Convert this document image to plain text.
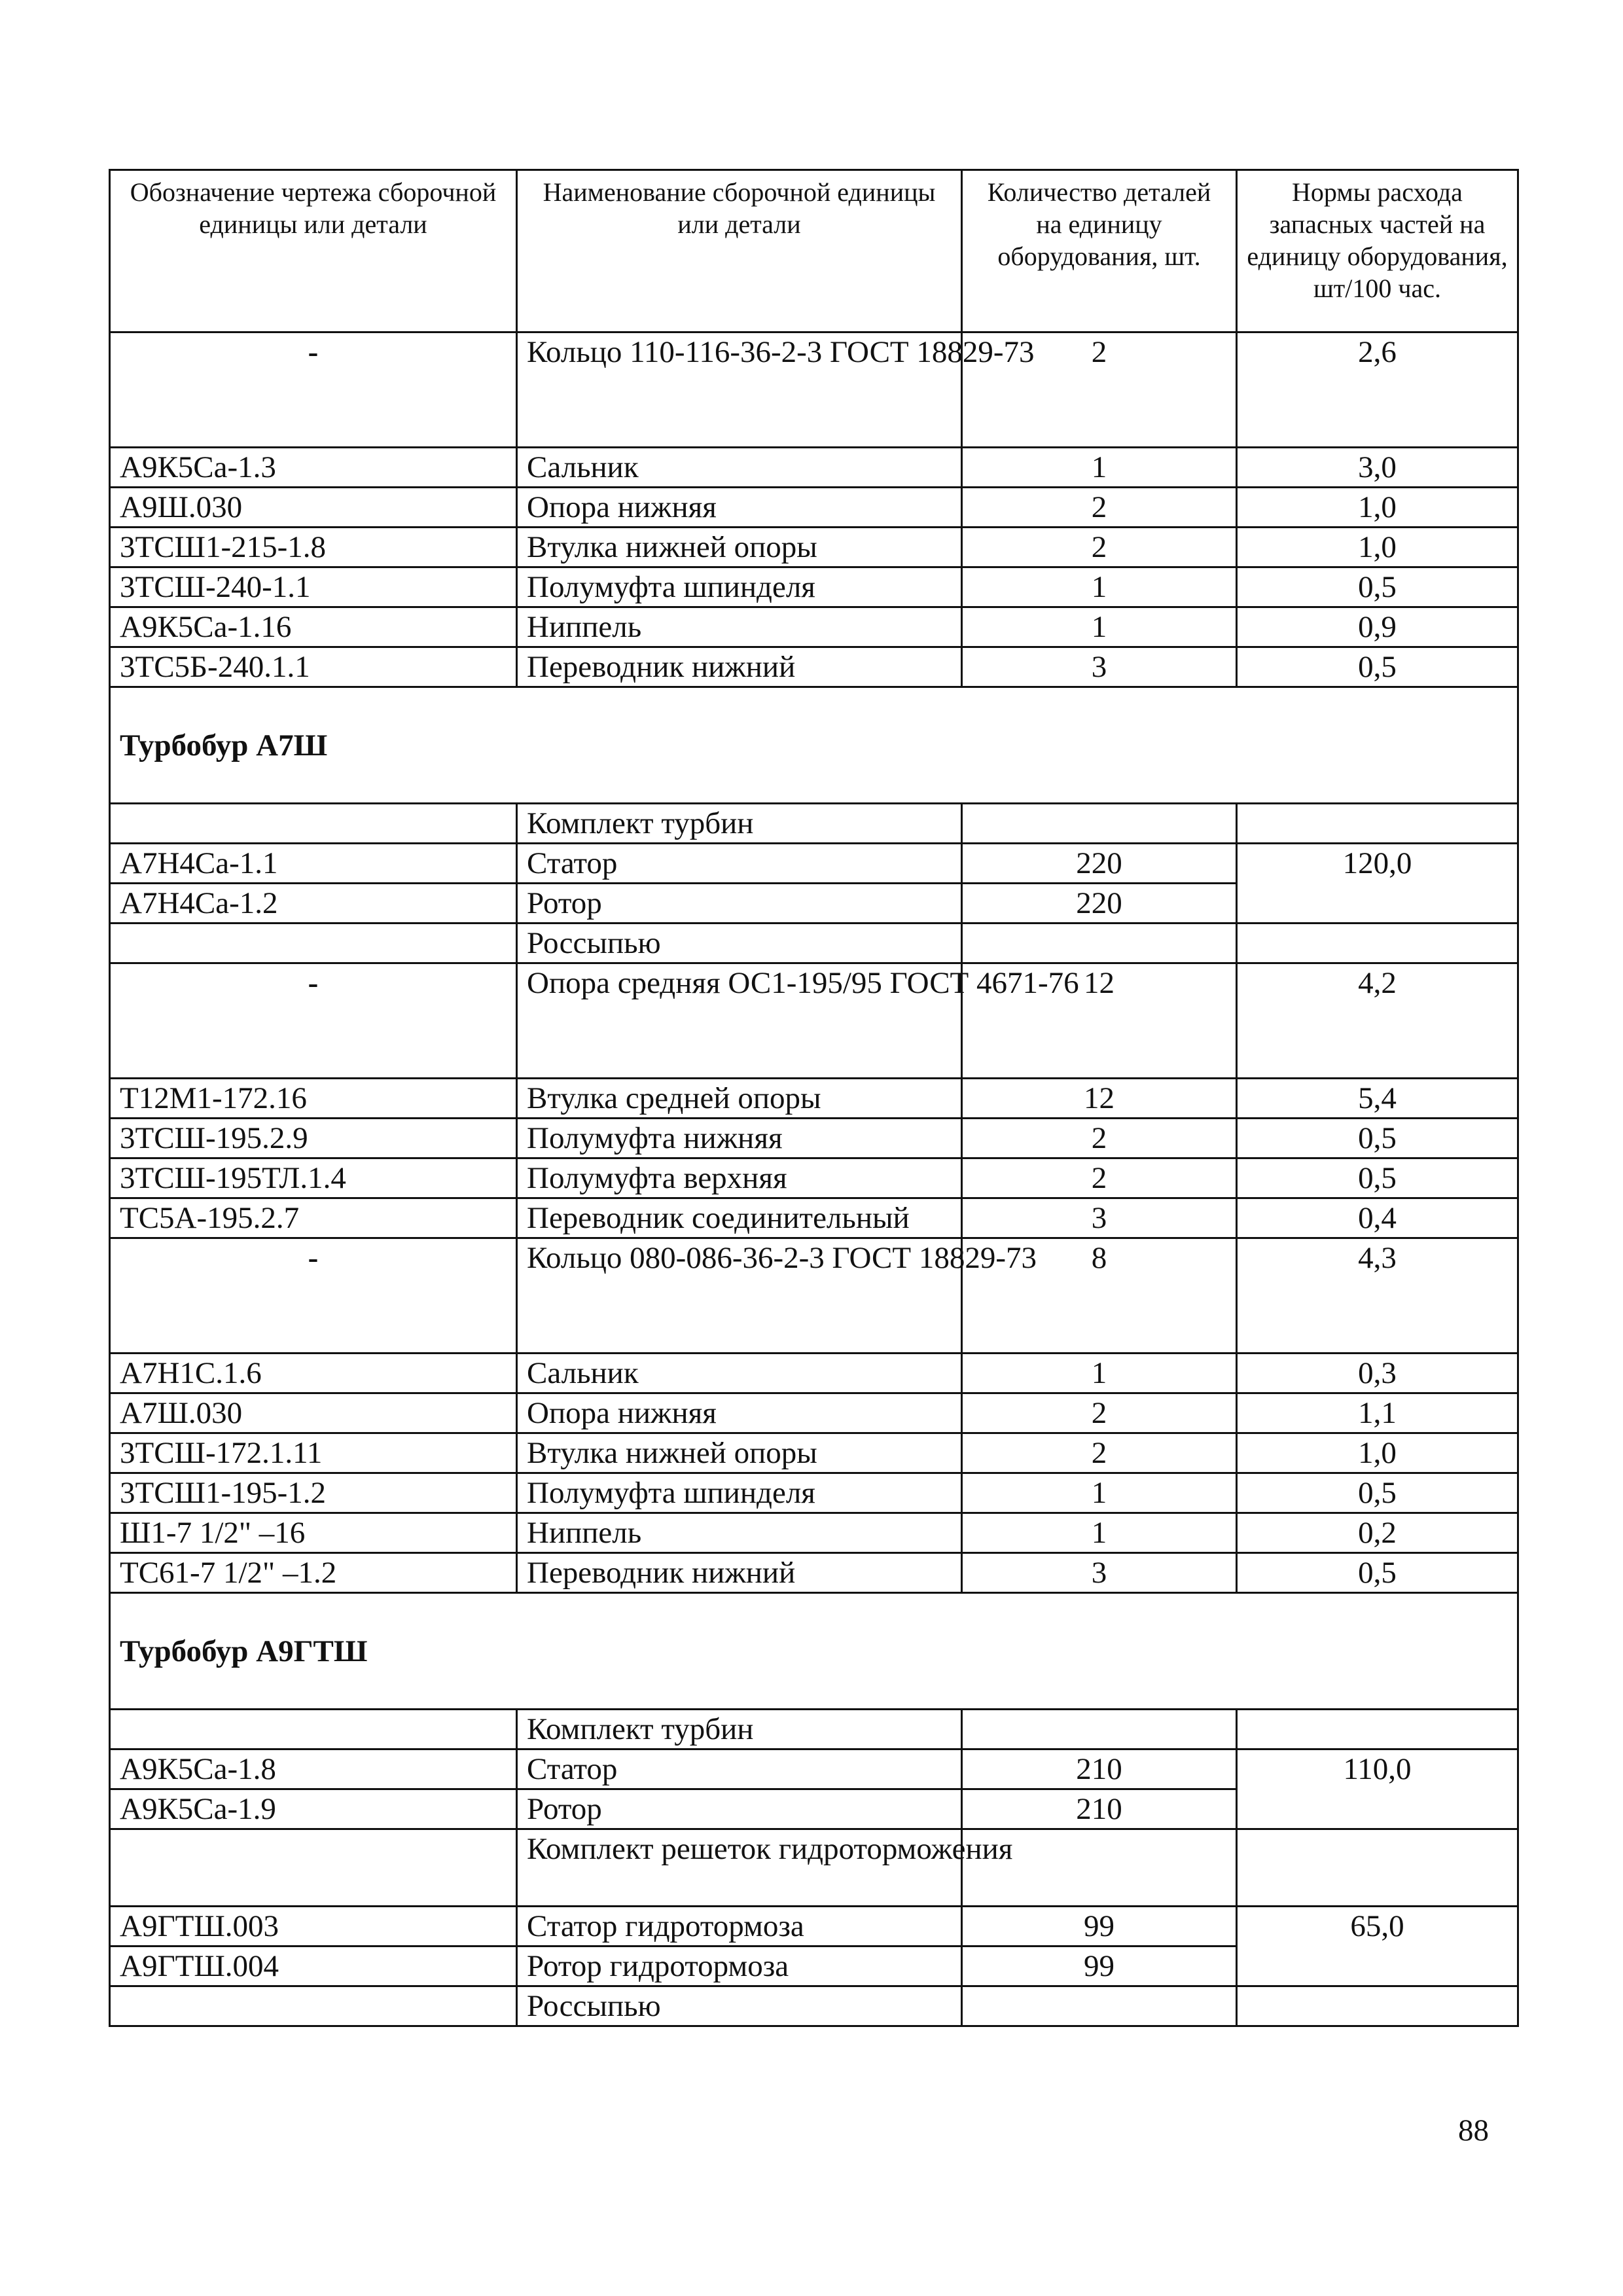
Обозначение чертежа сборочной единицы или детали	Наименование сборочной единицы или детали	Количество деталей на единицу оборудования, шт.	Нормы расхода запасных частей на единицу оборудования, шт/100 час.
-	Кольцо 110-116-36-2-3 ГОСТ 18829-73	2	2,6
А9К5Са-1.3	Сальник	1	3,0
А9Ш.030	Опора нижняя	2	1,0
3ТСШ1-215-1.8	Втулка нижней опоры	2	1,0
3ТСШ-240-1.1	Полумуфта шпинделя	1	0,5
А9К5Са-1.16	Ниппель	1	0,9
3ТС5Б-240.1.1	Переводник нижний	3	0,5
Турбобур А7Ш			
	Комплект турбин		
А7Н4Са-1.1	Статор	220	120,0
А7Н4Са-1.2	Ротор	220	
	Россыпью		
-	Опора средняя ОС1-195/95 ГОСТ 4671-76	12	4,2
Т12М1-172.16	Втулка средней опоры	12	5,4
3ТСШ-195.2.9	Полумуфта нижняя	2	0,5
3ТСШ-195ТЛ.1.4	Полумуфта верхняя	2	0,5
ТС5А-195.2.7	Переводник соединительный	3	0,4
-	Кольцо 080-086-36-2-3 ГОСТ 18829-73	8	4,3
А7Н1С.1.6	Сальник	1	0,3
А7Ш.030	Опора нижняя	2	1,1
3ТСШ-172.1.11	Втулка нижней опоры	2	1,0
3ТСШ1-195-1.2	Полумуфта шпинделя	1	0,5
Ш1-7 1/2" –16	Ниппель	1	0,2
ТС61-7 1/2" –1.2	Переводник нижний	3	0,5
Турбобур А9ГТШ			
	Комплект турбин		
А9К5Са-1.8	Статор	210	110,0
А9К5Са-1.9	Ротор	210	
	Комплект решеток гидроторможения		
А9ГТШ.003	Статор гидротормоза	99	65,0
А9ГТШ.004	Ротор гидротормоза	99	
	Россыпью		
88
